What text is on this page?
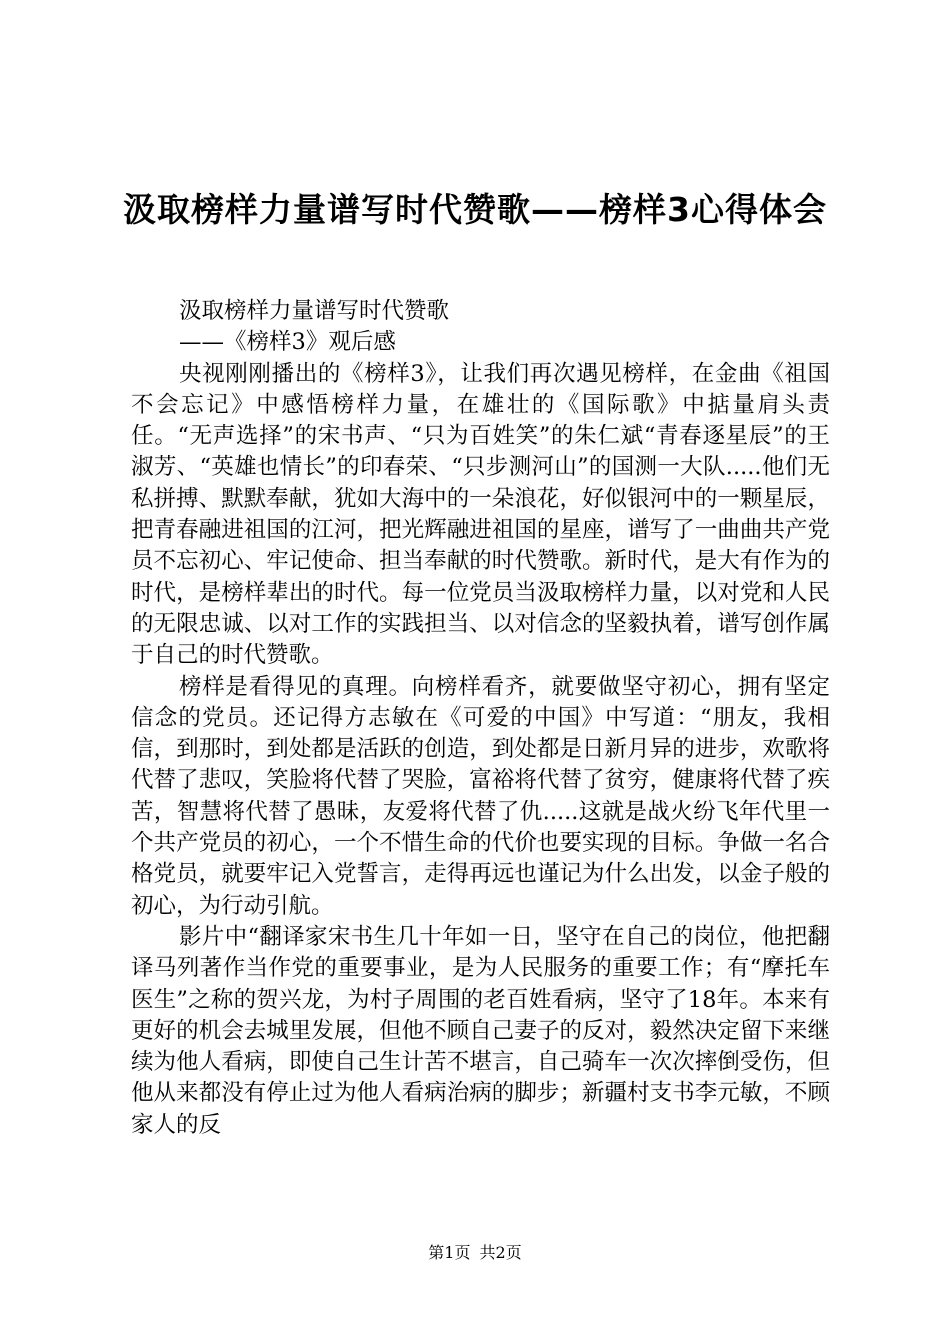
汲取榜样力量谱写时代赞歌——榜样3心得体会

汲取榜样力量谱写时代赞歌

——《榜样3》观后感

央视刚刚播出的《榜样3》，让我们再次遇见榜样，在金曲《祖国不会忘记》中感悟榜样力量，在雄壮的《国际歌》中掂量肩头责任。“无声选择”的宋书声、“只为百姓笑”的朱仁斌“青春逐星辰”的王淑芳、“英雄也情长”的印春荣、“只步测河山”的国测一大队.....他们无私拼搏、默默奉献，犹如大海中的一朵浪花，好似银河中的一颗星辰，把青春融进祖国的江河，把光辉融进祖国的星座，谱写了一曲曲共产党员不忘初心、牢记使命、担当奉献的时代赞歌。新时代，是大有作为的时代，是榜样辈出的时代。每一位党员当汲取榜样力量，以对党和人民的无限忠诚、以对工作的实践担当、以对信念的坚毅执着，谱写创作属于自己的时代赞歌。

榜样是看得见的真理。向榜样看齐，就要做坚守初心，拥有坚定信念的党员。还记得方志敏在《可爱的中国》中写道：“朋友，我相信，到那时，到处都是活跃的创造，到处都是日新月异的进步，欢歌将代替了悲叹，笑脸将代替了哭脸，富裕将代替了贫穷，健康将代替了疾苦，智慧将代替了愚昧，友爱将代替了仇.....这就是战火纷飞年代里一个共产党员的初心，一个不惜生命的代价也要实现的目标。争做一名合格党员，就要牢记入党誓言，走得再远也谨记为什么出发，以金子般的初心，为行动引航。

影片中“翻译家宋书生几十年如一日，坚守在自己的岗位，他把翻译马列著作当作党的重要事业，是为人民服务的重要工作；有“摩托车医生”之称的贺兴龙，为村子周围的老百姓看病，坚守了18年。本来有更好的机会去城里发展，但他不顾自己妻子的反对，毅然决定留下来继续为他人看病，即使自己生计苦不堪言，自己骑车一次次摔倒受伤，但他从来都没有停止过为他人看病治病的脚步；新疆村支书李元敏，不顾家人的反

第1页 共2页
